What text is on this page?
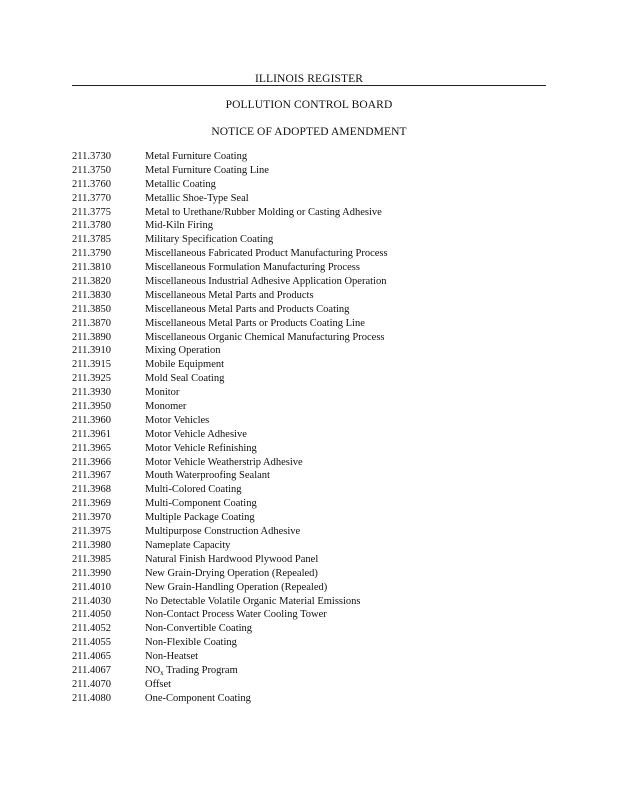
ILLINOIS REGISTER
POLLUTION CONTROL BOARD
NOTICE OF ADOPTED AMENDMENT
211.3730	Metal Furniture Coating
211.3750	Metal Furniture Coating Line
211.3760	Metallic Coating
211.3770	Metallic Shoe-Type Seal
211.3775	Metal to Urethane/Rubber Molding or Casting Adhesive
211.3780	Mid-Kiln Firing
211.3785	Military Specification Coating
211.3790	Miscellaneous Fabricated Product Manufacturing Process
211.3810	Miscellaneous Formulation Manufacturing Process
211.3820	Miscellaneous Industrial Adhesive Application Operation
211.3830	Miscellaneous Metal Parts and Products
211.3850	Miscellaneous Metal Parts and Products Coating
211.3870	Miscellaneous Metal Parts or Products Coating Line
211.3890	Miscellaneous Organic Chemical Manufacturing Process
211.3910	Mixing Operation
211.3915	Mobile Equipment
211.3925	Mold Seal Coating
211.3930	Monitor
211.3950	Monomer
211.3960	Motor Vehicles
211.3961	Motor Vehicle Adhesive
211.3965	Motor Vehicle Refinishing
211.3966	Motor Vehicle Weatherstrip Adhesive
211.3967	Mouth Waterproofing Sealant
211.3968	Multi-Colored Coating
211.3969	Multi-Component Coating
211.3970	Multiple Package Coating
211.3975	Multipurpose Construction Adhesive
211.3980	Nameplate Capacity
211.3985	Natural Finish Hardwood Plywood Panel
211.3990	New Grain-Drying Operation (Repealed)
211.4010	New Grain-Handling Operation (Repealed)
211.4030	No Detectable Volatile Organic Material Emissions
211.4050	Non-Contact Process Water Cooling Tower
211.4052	Non-Convertible Coating
211.4055	Non-Flexible Coating
211.4065	Non-Heatset
211.4067	$NO_x$ Trading Program
211.4070	Offset
211.4080	One-Component Coating
